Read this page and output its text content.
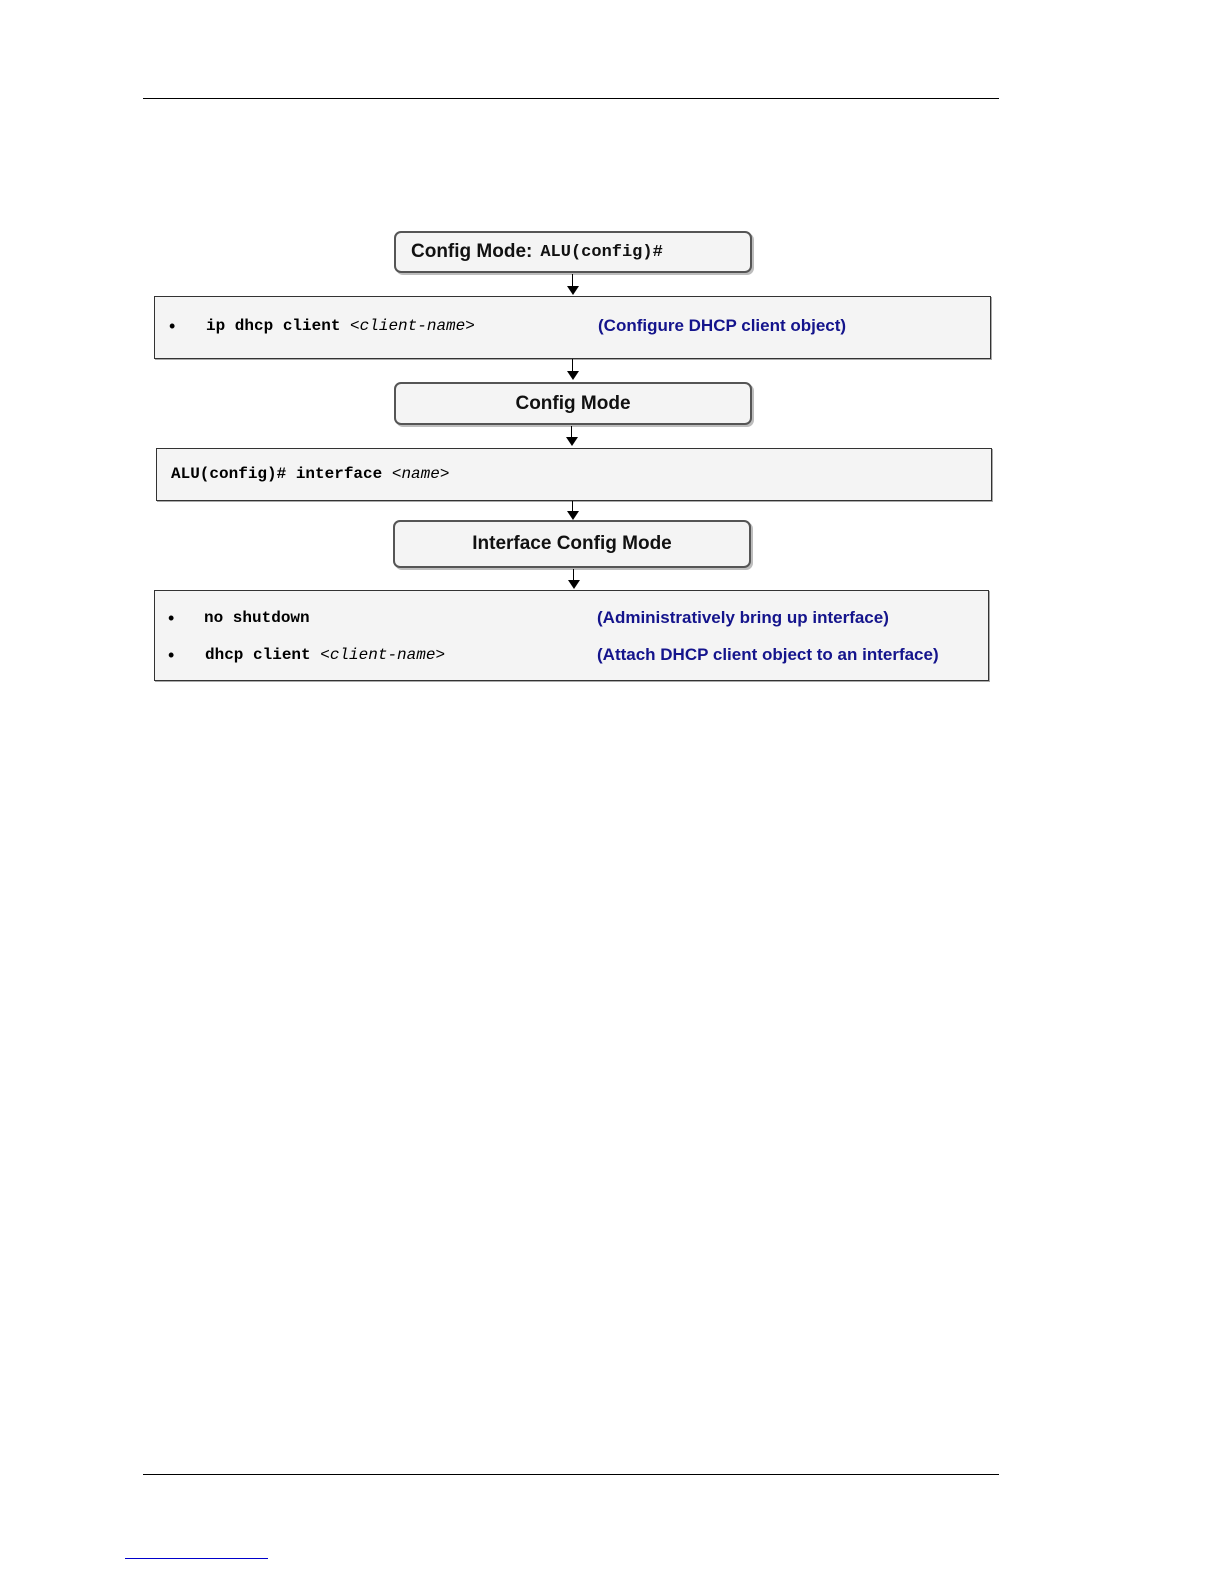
Config Mode: ALU(config)#
• ip dhcp client <client-name>	(Configure DHCP client object)
Config Mode
ALU(config)# interface <name>
Interface Config Mode
• no shutdown	(Administratively bring up interface)
• dhcp client <client-name>	(Attach DHCP client object to an interface)
